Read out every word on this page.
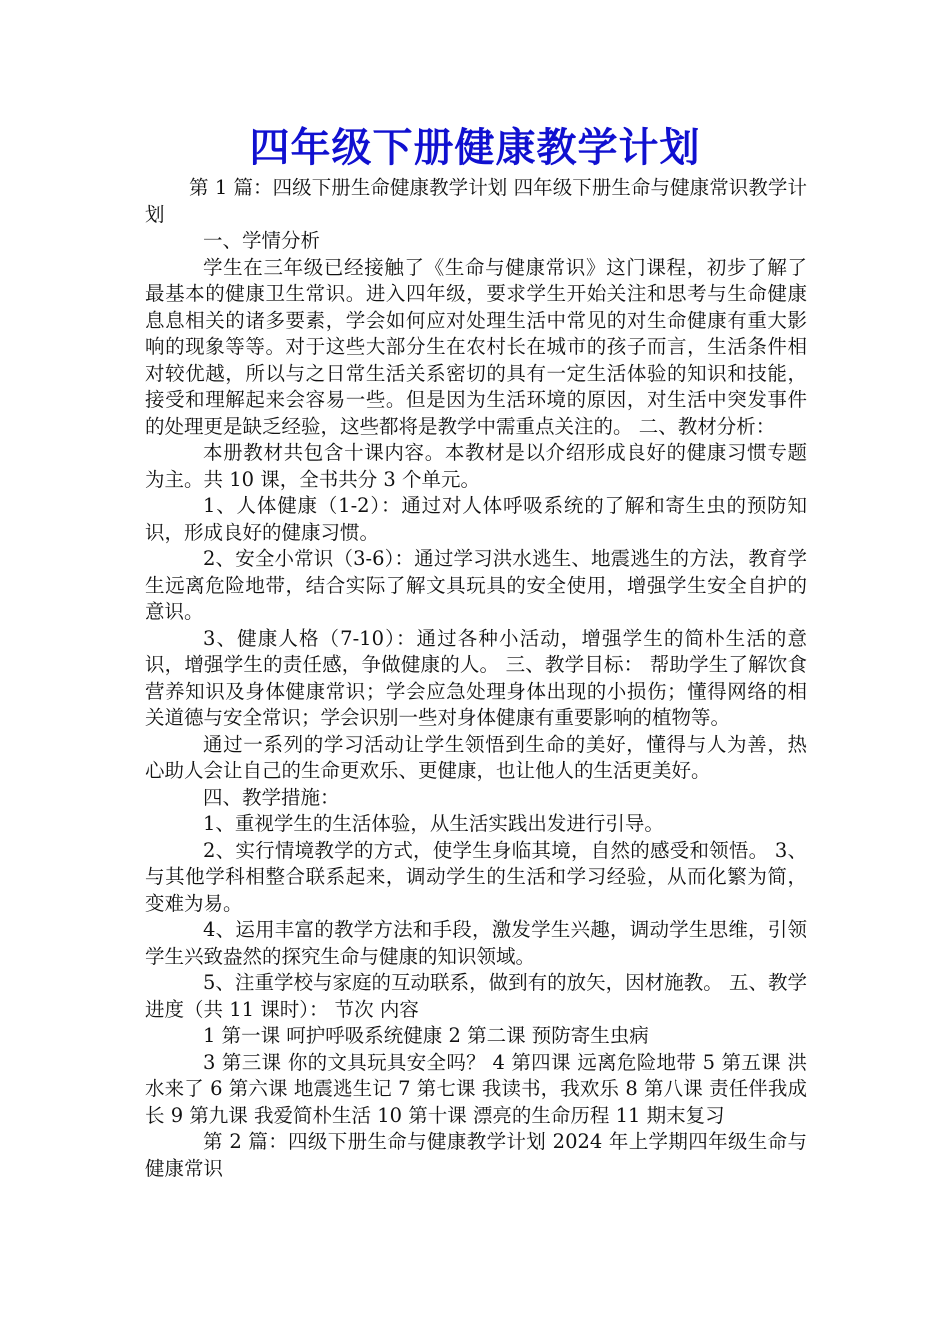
四年级下册健康教学计划

第 1 篇：四级下册生命健康教学计划 四年级下册生命与健康常识教学计划

一、学情分析

学生在三年级已经接触了《生命与健康常识》这门课程，初步了解了最基本的健康卫生常识。进入四年级，要求学生开始关注和思考与生命健康息息相关的诸多要素，学会如何应对处理生活中常见的对生命健康有重大影响的现象等等。对于这些大部分生在农村长在城市的孩子而言，生活条件相对较优越，所以与之日常生活关系密切的具有一定生活体验的知识和技能，接受和理解起来会容易一些。但是因为生活环境的原因，对生活中突发事件的处理更是缺乏经验，这些都将是教学中需重点关注的。 二、教材分析：

本册教材共包含十课内容。本教材是以介绍形成良好的健康习惯专题为主。共 10 课，全书共分 3 个单元。

1、人体健康（1-2）：通过对人体呼吸系统的了解和寄生虫的预防知识，形成良好的健康习惯。

2、安全小常识（3-6）：通过学习洪水逃生、地震逃生的方法，教育学生远离危险地带，结合实际了解文具玩具的安全使用，增强学生安全自护的意识。

3、健康人格（7-10）：通过各种小活动，增强学生的简朴生活的意识，增强学生的责任感，争做健康的人。 三、教学目标： 帮助学生了解饮食营养知识及身体健康常识；学会应急处理身体出现的小损伤；懂得网络的相关道德与安全常识；学会识别一些对身体健康有重要影响的植物等。

通过一系列的学习活动让学生领悟到生命的美好，懂得与人为善，热心助人会让自己的生命更欢乐、更健康，也让他人的生活更美好。

四、教学措施：

1、重视学生的生活体验，从生活实践出发进行引导。

2、实行情境教学的方式，使学生身临其境，自然的感受和领悟。 3、与其他学科相整合联系起来，调动学生的生活和学习经验，从而化繁为简，变难为易。

4、运用丰富的教学方法和手段，激发学生兴趣，调动学生思维，引领学生兴致盎然的探究生命与健康的知识领域。

5、注重学校与家庭的互动联系，做到有的放矢，因材施教。 五、教学进度（共 11 课时）： 节次 内容

1 第一课 呵护呼吸系统健康 2 第二课 预防寄生虫病

3 第三课 你的文具玩具安全吗？ 4 第四课 远离危险地带 5 第五课 洪水来了 6 第六课 地震逃生记 7 第七课 我读书，我欢乐 8 第八课 责任伴我成长 9 第九课 我爱简朴生活 10 第十课 漂亮的生命历程 11 期末复习

第 2 篇：四级下册生命与健康教学计划 2024 年上学期四年级生命与健康常识
